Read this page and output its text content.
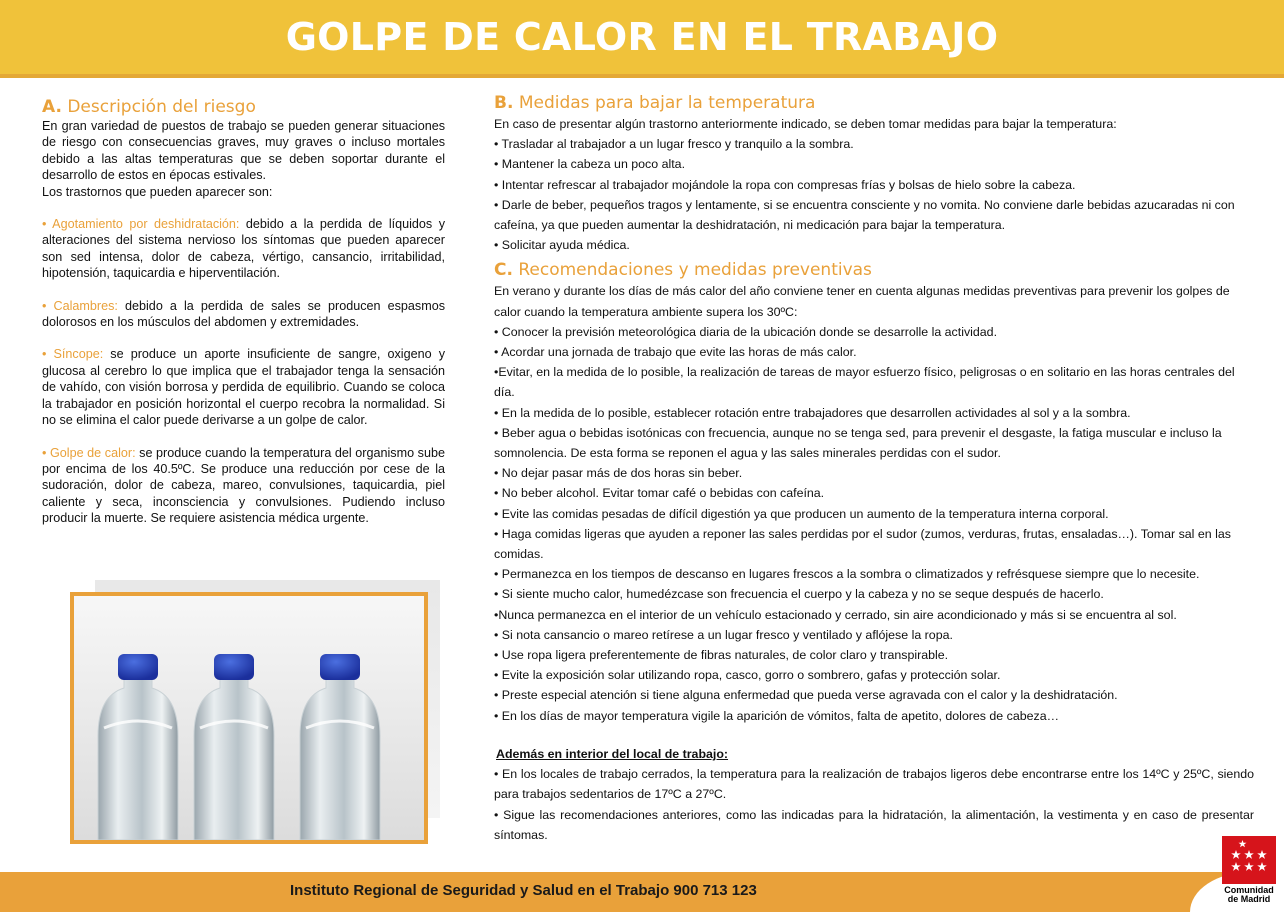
GOLPE DE CALOR EN EL TRABAJO
A. Descripción del riesgo

En gran variedad de puestos de trabajo se pueden generar situaciones de riesgo con consecuencias graves, muy graves o incluso mortales debido a las altas temperaturas que se deben soportar durante el desarrollo de estos en épocas estivales.

Los trastornos que pueden aparecer son:

• Agotamiento por deshidratación: debido a la perdida de líquidos y alteraciones del sistema nervioso los síntomas que pueden aparecer son sed intensa, dolor de cabeza, vértigo, cansancio, irritabilidad, hipotensión, taquicardia e hiperventilación.

• Calambres: debido a la perdida de sales se producen espasmos dolorosos en los músculos del abdomen y extremidades.

• Síncope: se produce un aporte insuficiente de sangre, oxigeno y glucosa al cerebro lo que implica que el trabajador tenga la sensación de vahído, con visión borrosa y perdida de equilibrio. Cuando se coloca la trabajador en posición horizontal el cuerpo recobra la normalidad. Si no se elimina el calor puede derivarse a un golpe de calor.

• Golpe de calor: se produce cuando la temperatura del organismo sube por encima de los 40.5ºC. Se produce una reducción por cese de la sudoración, dolor de cabeza, mareo, convulsiones, taquicardia, piel caliente y seca, inconsciencia y convulsiones. Pudiendo incluso producir la muerte. Se requiere asistencia médica urgente.

B. Medidas para bajar la temperatura

En caso de presentar algún trastorno anteriormente indicado, se deben tomar medidas para bajar la temperatura:

• Trasladar al trabajador a un lugar fresco y tranquilo a la sombra.
• Mantener la cabeza un poco alta.
• Intentar refrescar al trabajador mojándole la ropa con compresas frías y bolsas de hielo sobre la cabeza.
• Darle de beber, pequeños tragos y lentamente, si se encuentra consciente y no vomita. No conviene darle bebidas azucaradas ni con cafeína, ya que pueden aumentar la deshidratación, ni medicación para bajar la temperatura.
• Solicitar ayuda médica.
C. Recomendaciones y medidas preventivas

En verano y durante los días de más calor del año conviene tener en cuenta algunas medidas preventivas para prevenir los golpes de calor cuando la temperatura ambiente supera los 30ºC:

• Conocer la previsión meteorológica diaria de la ubicación donde se desarrolle la actividad.
• Acordar una jornada de trabajo que evite las horas de más calor.
•Evitar, en la medida de lo posible, la realización de tareas de mayor esfuerzo físico, peligrosas o en solitario en las horas centrales del día.
• En la medida de lo posible, establecer rotación entre trabajadores que desarrollen actividades al sol y a la sombra.
• Beber agua o bebidas isotónicas con frecuencia, aunque no se tenga sed, para prevenir el desgaste, la fatiga muscular e incluso la somnolencia. De esta forma se reponen el agua y las sales minerales perdidas con el sudor.
• No dejar pasar más de dos horas sin beber.
• No beber alcohol. Evitar tomar café o bebidas con cafeína.
• Evite las comidas pesadas de difícil digestión ya que producen un aumento de la temperatura interna corporal.
• Haga comidas ligeras que ayuden a reponer las sales perdidas por el sudor (zumos, verduras, frutas, ensaladas…). Tomar sal en las comidas.
• Permanezca en los tiempos de descanso en lugares frescos a la sombra o climatizados y refrésquese siempre que lo necesite.
• Si siente mucho calor, humedézcase son frecuencia el cuerpo y la cabeza y no se seque después de hacerlo.
•Nunca permanezca en el interior de un vehículo estacionado y cerrado, sin aire acondicionado y más si se encuentra al sol.
• Si nota cansancio o mareo retírese a un lugar fresco y ventilado y aflójese la ropa.
• Use ropa ligera preferentemente de fibras naturales, de color claro y transpirable.
• Evite la exposición solar utilizando ropa, casco, gorro o sombrero, gafas y protección solar.
• Preste especial atención si tiene alguna enfermedad que pueda verse agravada con el calor y la deshidratación.
• En los días de mayor temperatura vigile la aparición de vómitos, falta de apetito, dolores de cabeza…

Además en interior del local de trabajo:

• En los locales de trabajo cerrados, la temperatura para la realización de trabajos ligeros debe encontrarse entre los 14ºC y 25ºC, siendo para trabajos sedentarios de 17ºC a 27ºC.
• Sigue las recomendaciones anteriores, como las indicadas para la hidratación, la alimentación, la vestimenta y en caso de presentar síntomas.
Instituto Regional de Seguridad y Salud en el Trabajo 900 713 123	Comunidad
de Madrid
